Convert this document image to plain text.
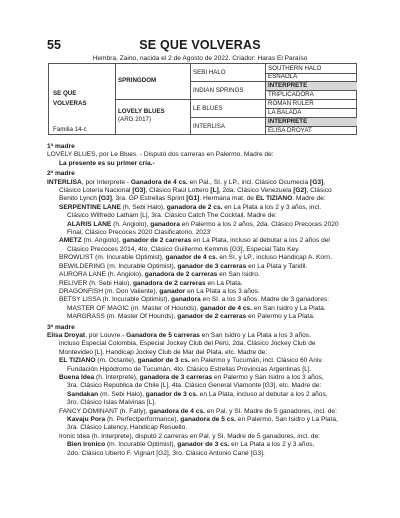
55	SE QUE VOLVERAS
Hembra, Zaino, nacida el 2 de Agosto de 2022. Criador: Haras El Paraíso
SE QUE
VOLVERAS
Familia 14-c
SPRINGDOM
LOVELY BLUES
(ARG 2017)
SEBI HALO
INDIAN SPRINGS
LE BLUES
INTERLISA
SOUTHERN HALO
ESNAOLA
INTERPRETE
TRIPLICADORA
ROMAN RULER
LA BALADA
INTERPRETE
ELISA DROYAT

1ª madre

LOVELY BLUES, por Le Blues. - Disputó dos carreras en Palermo. Madre de:

La presente es su primer cría.-

2ª madre

INTERLISA, por Interprete - Ganadora de 4 cs. en Pal., SI. y LP., incl. Clásico Ocumecia [G3],

Clásico Lotería Nacional [G3], Clásico Raúl Lottero [L], 2da. Clásico Venezuela [G2], Clásico

Benito Lynch [G3], 3ra. GP Estrellas Sprint [G1]. Hermana mat. de EL TIZIANO. Madre de:

SERPENTINE LANE (h. Sebi Halo), ganadora de 2 cs. en La Plata a los 2 y 3 años, incl.

Clásico Wilfredo Latham [L], 3ra. Clásico Catch The Cocktail. Madre de:

ALARIS LANE (h. Angiolo), ganadora en Palermo a los 2 años, 2da. Clásico Precoces 2020

Final, Clásico Precoces 2020 Clasificatorio. 2023'

AMETZ (m. Angiolo), ganador de 2 carreras en La Plata, incluso al debutar a los 2 años del

Clásico Precoces 2014, 4to. Clásico Guillermo Kemmis [G3], Especial Tato Key.

BROWLIST (m. Incurable Optimist), ganador de 4 cs. en SI. y LP., incluso Handicap A. Korn.

BEWILDERING (m. Incurable Optimist), ganador de 3 carreras en La Plata y Tandil.

AURORA LANE (h. Angiolo), ganadora de 2 carreras en San Isidro.

RELIVER (h. Sebi Halo), ganadora de 2 carreras en La Plata.

DRAGONFISH (m. Don Valiente), ganador en La Plata a los 3 años.

BETSY LISSA (h. Incurable Optimist), ganadora en SI. a los 3 años. Madre de 3 ganadores:

MASTER OF MAGIC (m. Master of Hounds), ganador de 4 cs. en San Isidro y La Plata.

MARGRASS (m. Master Of Hounds), ganador de 2 carreras en Palermo y La Plata.

3ª madre

Elisa Droyat, por Louvre.- Ganadora de 5 carreras en San Isidro y La Plata a los 3 años,

incluso Especial Colombia, Especial Jockey Club del Perú, 2da. Clásico Jockey Club de

Montevideo [L], Handicap Jockey Club de Mar del Plata, etc. Madre de:

EL TIZIANO (m. Octante), ganador de 3 cs. en Palermo y Tucumán, incl. Clásico 60 Aniv.

Fundación Hipódromo de Tucumán, 4to. Clásico Estrellas Provincias Argentinas [L].

Buena Idea (h. Interprete), ganadora de 3 carreras en Palermo y San Isidro a los 3 años,

3ra. Clásico República de Chile [L], 4ta. Clásico General Viamonte [G3], etc. Madre de:

Sandakan (m. Sebi Halo), ganador de 3 cs. en La Plata, incluso al debutar a los 2 años,

3ro. Clásico Islas Malvinas [L].

FANCY DOMINANT (h. Fatly), ganadora de 4 cs. en Pal. y SI. Madre de 5 ganadores, incl. de:

Kavaju Pora (h. Perfectperformance), ganadora de 5 cs. en Palermo, San Isidro y La Plata,

3ra. Clásico Latency, Handicap Resuello.

Ironic Idea (h. Interprete), disputó 2 carreras en Pal. y SI. Madre de 5 ganadores, incl. de:

Bien Ironico (m. Incurable Optimist), ganador de 3 cs. en La Plata a los 2 y 3 años,

2do. Clásico Uberto F. Vignart [G2], 3ro. Clásico Antonio Cané [G3].
